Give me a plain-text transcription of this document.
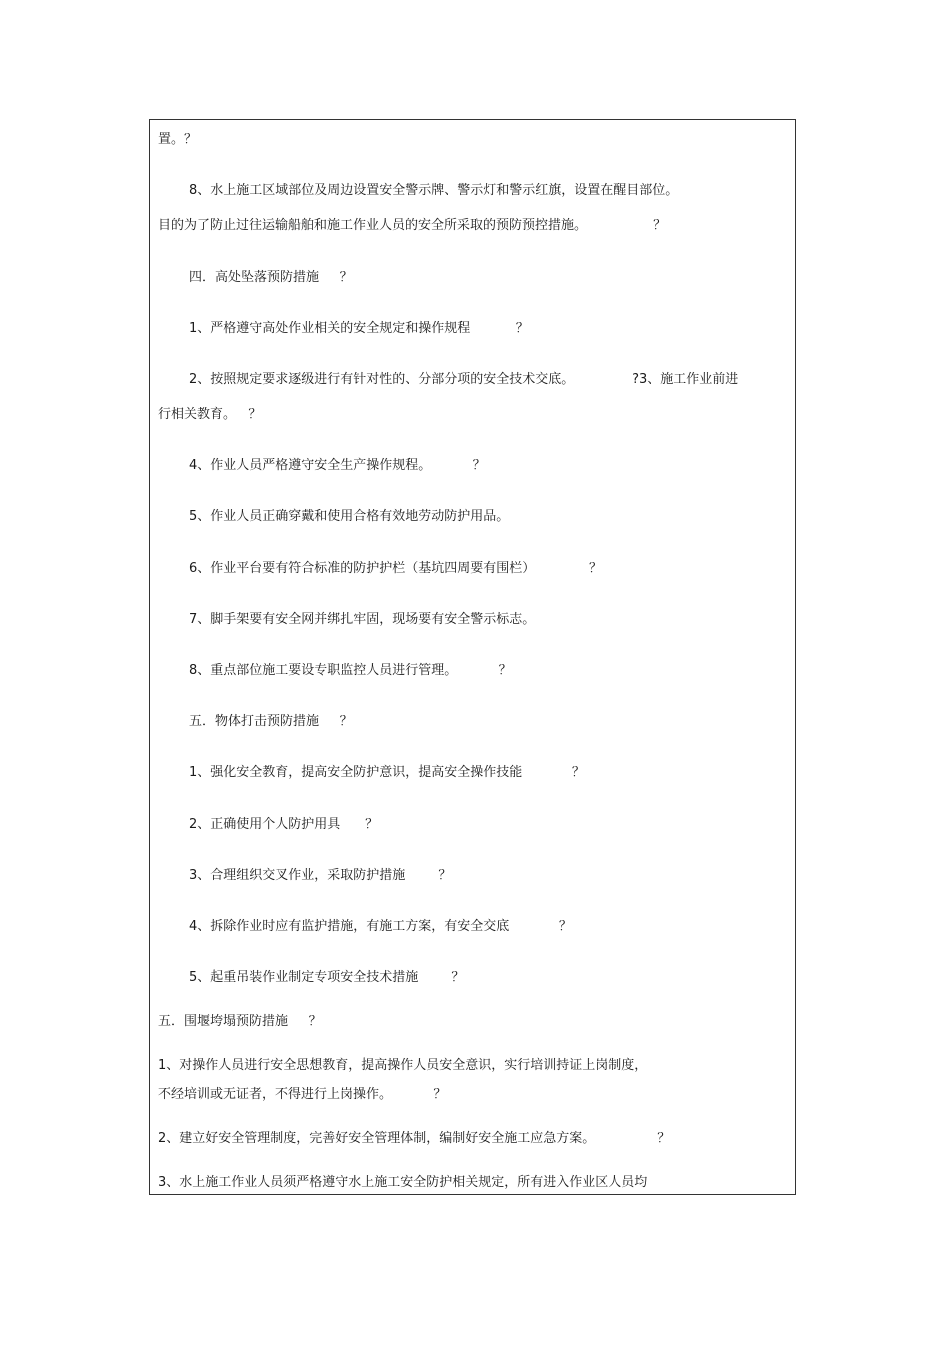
置。？
8、水上施工区域部位及周边设置安全警示牌、警示灯和警示红旗，设置在醒目部位。
目的为了防止过往运输船舶和施工作业人员的安全所采取的预防预控措施。                ？
四．高处坠落预防措施     ？
1、严格遵守高处作业相关的安全规定和操作规程           ？
2、按照规定要求逐级进行有针对性的、分部分项的安全技术交底。              ?3、施工作业前进
行相关教育。   ？
4、作业人员严格遵守安全生产操作规程。          ？
5、作业人员正确穿戴和使用合格有效地劳动防护用品。
6、作业平台要有符合标准的防护护栏（基坑四周要有围栏）             ？
7、脚手架要有安全网并绑扎牢固，现场要有安全警示标志。
8、重点部位施工要设专职监控人员进行管理。          ？
五．物体打击预防措施     ？
1、强化安全教育，提高安全防护意识，提高安全操作技能            ？
2、正确使用个人防护用具      ？
3、合理组织交叉作业，采取防护措施        ？
4、拆除作业时应有监护措施，有施工方案，有安全交底            ？
5、起重吊装作业制定专项安全技术措施        ？
五．围堰垮塌预防措施     ？
1、对操作人员进行安全思想教育，提高操作人员安全意识，实行培训持证上岗制度，
不经培训或无证者，不得进行上岗操作。          ？
2、建立好安全管理制度，完善好安全管理体制，编制好安全施工应急方案。               ？
3、水上施工作业人员须严格遵守水上施工安全防护相关规定，所有进入作业区人员均
